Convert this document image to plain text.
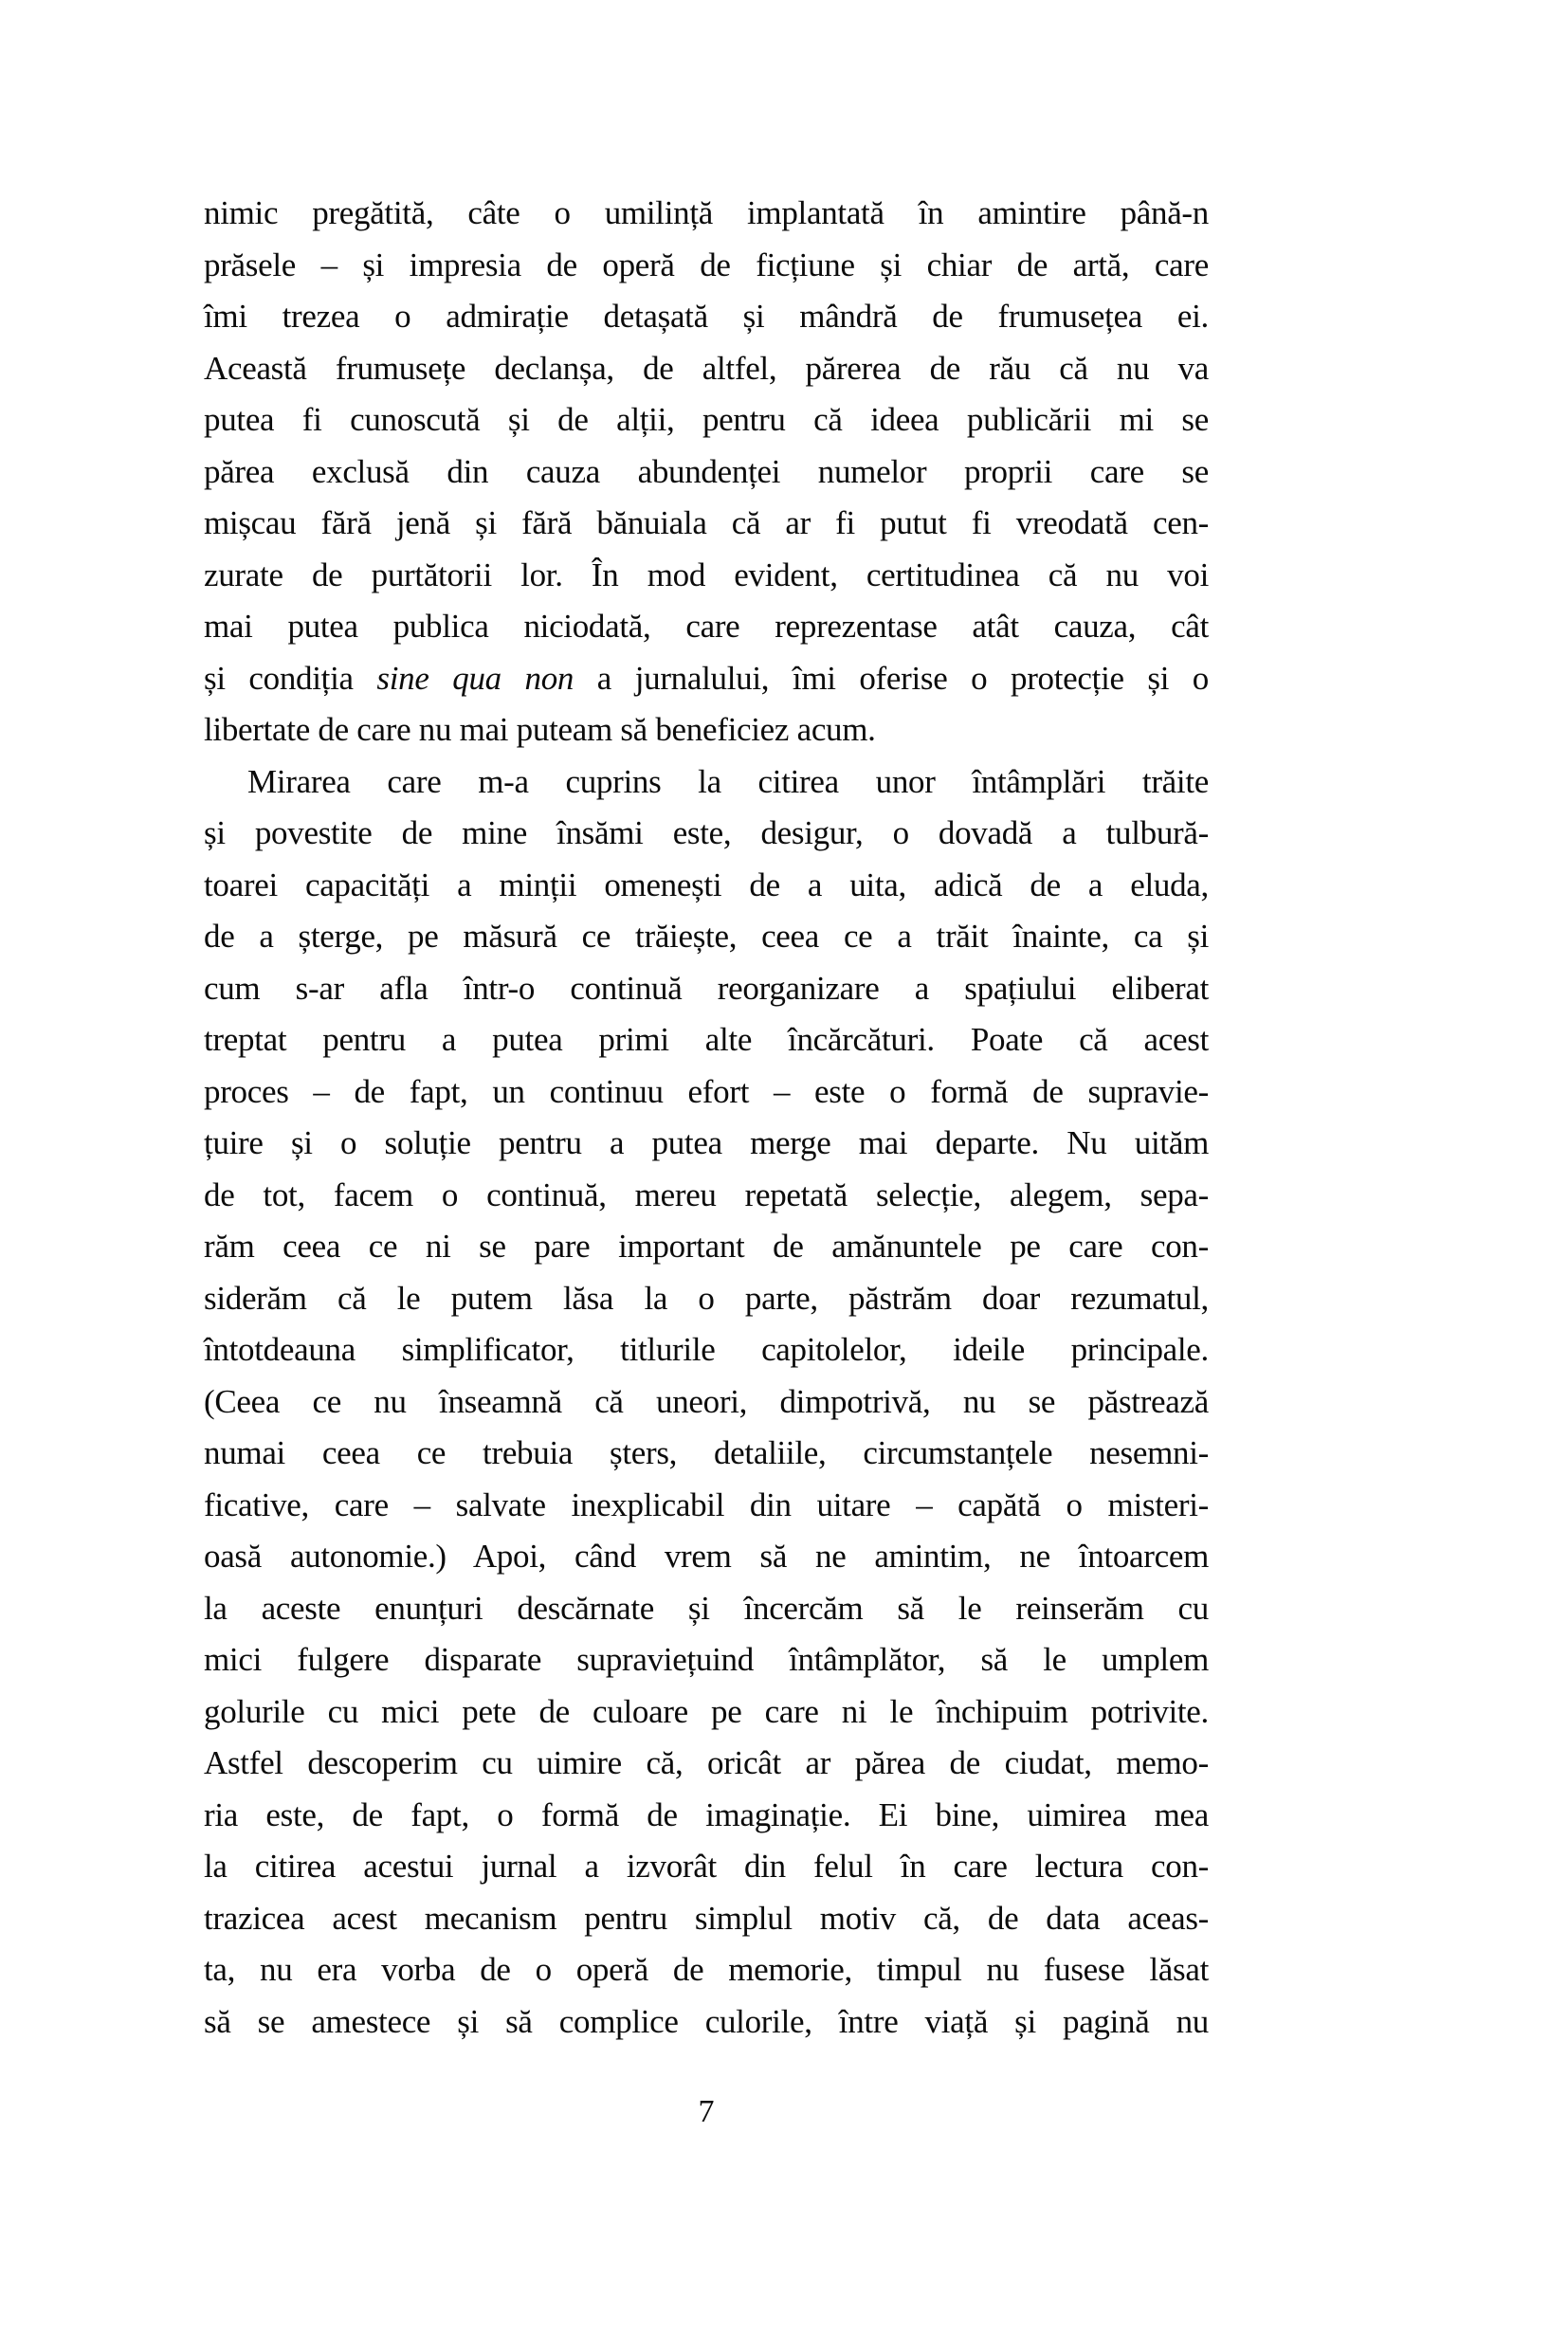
nimic pregătită, câte o umilință implantată în amintire până-n
prăsele – și impresia de operă de ficțiune și chiar de artă, care
îmi trezea o admirație detașată și mândră de frumusețea ei.
Această frumusețe declanșa, de altfel, părerea de rău că nu va
putea fi cunoscută și de alții, pentru că ideea publicării mi se
părea exclusă din cauza abundenței numelor proprii care se
mișcau fără jenă și fără bănuiala că ar fi putut fi vreodată cen-
zurate de purtătorii lor. În mod evident, certitudinea că nu voi
mai putea publica niciodată, care reprezentase atât cauza, cât
și condiția sine qua non a jurnalului, îmi oferise o protecție și o
libertate de care nu mai puteam să beneficiez acum.
Mirarea care m-a cuprins la citirea unor întâmplări trăite
și povestite de mine însămi este, desigur, o dovadă a tulbură-
toarei capacități a minții omenești de a uita, adică de a eluda,
de a șterge, pe măsură ce trăiește, ceea ce a trăit înainte, ca și
cum s-ar afla într-o continuă reorganizare a spațiului eliberat
treptat pentru a putea primi alte încărcături. Poate că acest
proces – de fapt, un continuu efort – este o formă de supravie-
țuire și o soluție pentru a putea merge mai departe. Nu uităm
de tot, facem o continuă, mereu repetată selecție, alegem, sepa-
răm ceea ce ni se pare important de amănuntele pe care con-
siderăm că le putem lăsa la o parte, păstrăm doar rezumatul,
întotdeauna simplificator, titlurile capitolelor, ideile principale.
(Ceea ce nu înseamnă că uneori, dimpotrivă, nu se păstrează
numai ceea ce trebuia șters, detaliile, circumstanțele nesemni-
ficative, care – salvate inexplicabil din uitare – capătă o misteri-
oasă autonomie.) Apoi, când vrem să ne amintim, ne întoarcem
la aceste enunțuri descărnate și încercăm să le reinserăm cu
mici fulgere disparate supraviețuind întâmplător, să le umplem
golurile cu mici pete de culoare pe care ni le închipuim potrivite.
Astfel descoperim cu uimire că, oricât ar părea de ciudat, memo-
ria este, de fapt, o formă de imaginație. Ei bine, uimirea mea
la citirea acestui jurnal a izvorât din felul în care lectura con-
trazicea acest mecanism pentru simplul motiv că, de data aceas-
ta, nu era vorba de o operă de memorie, timpul nu fusese lăsat
să se amestece și să complice culorile, între viață și pagină nu
7
